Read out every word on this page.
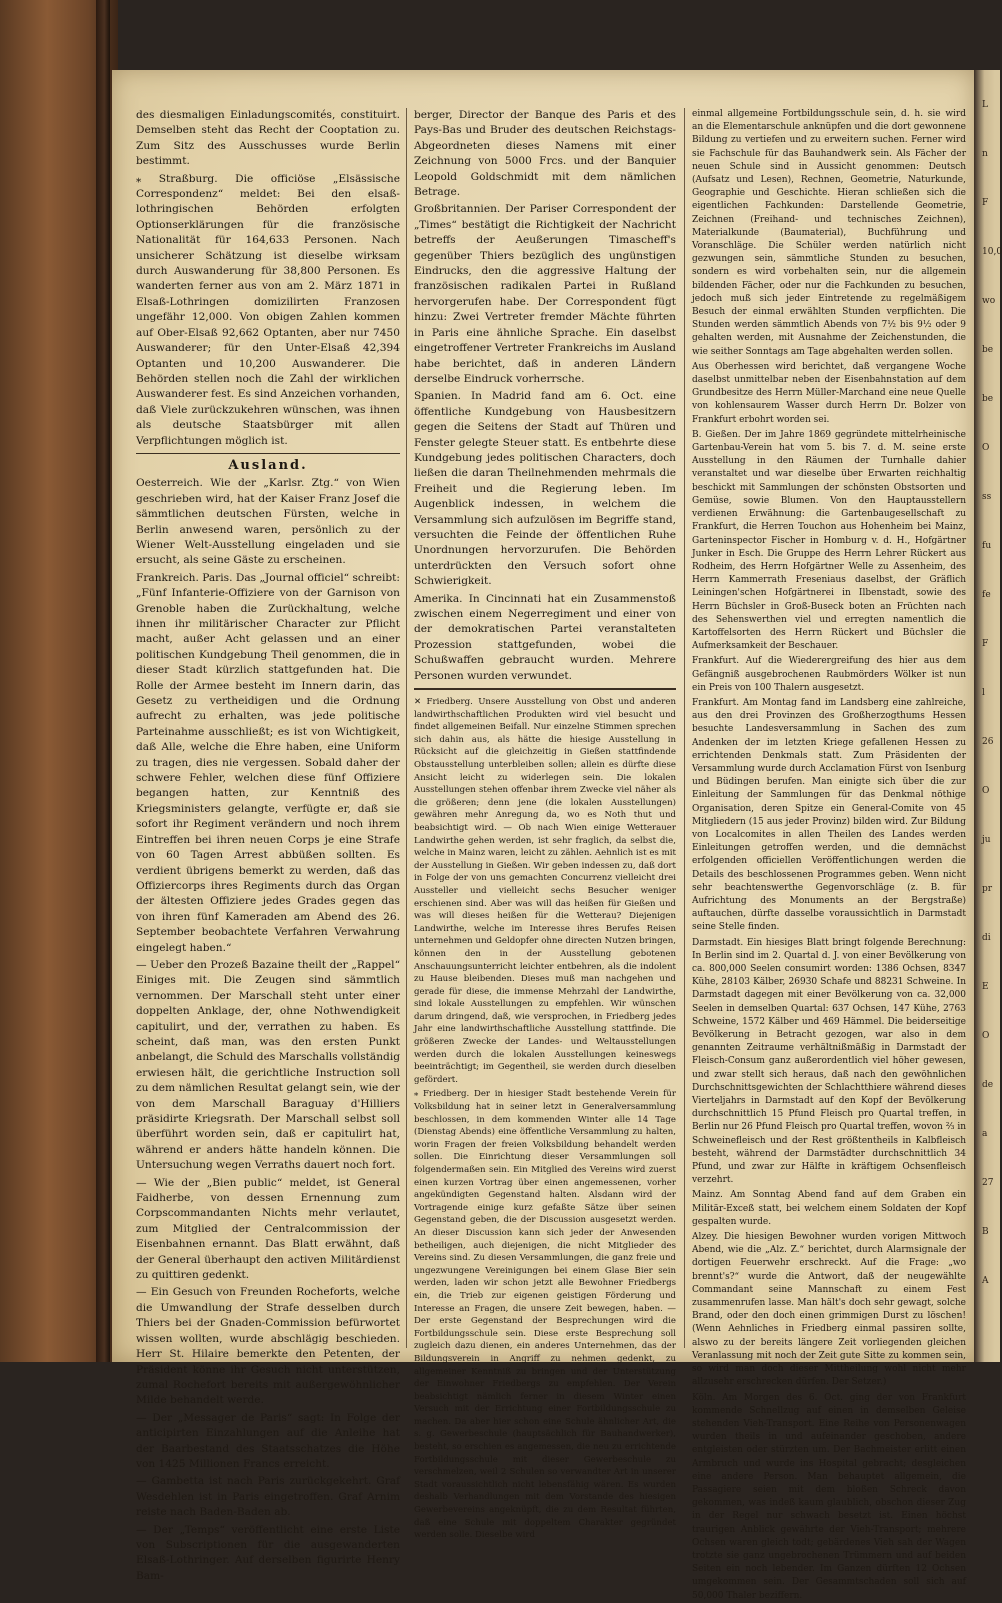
des diesmaligen Einladungscomités, constituirt. Demselben steht das Recht der Cooptation zu. Zum Sitz des Ausschusses wurde Berlin bestimmt.

⁎ Straßburg. Die officiöse „Elsässische Correspondenz“ meldet: Bei den elsaß-lothringischen Behörden erfolgten Optionserklärungen für die französische Nationalität für 164,633 Personen. Nach unsicherer Schätzung ist dieselbe wirksam durch Auswanderung für 38,800 Personen. Es wanderten ferner aus von am 2. März 1871 in Elsaß-Lothringen domizilirten Franzosen ungefähr 12,000. Von obigen Zahlen kommen auf Ober-Elsaß 92,662 Optanten, aber nur 7450 Auswanderer; für den Unter-Elsaß 42,394 Optanten und 10,200 Auswanderer. Die Behörden stellen noch die Zahl der wirklichen Auswanderer fest. Es sind Anzeichen vorhanden, daß Viele zurückzukehren wünschen, was ihnen als deutsche Staatsbürger mit allen Verpflichtungen möglich ist.

Ausland.

Oesterreich. Wie der „Karlsr. Ztg.“ von Wien geschrieben wird, hat der Kaiser Franz Josef die sämmtlichen deutschen Fürsten, welche in Berlin anwesend waren, persönlich zu der Wiener Welt-Ausstellung eingeladen und sie ersucht, als seine Gäste zu erscheinen.

Frankreich. Paris. Das „Journal officiel“ schreibt: „Fünf Infanterie-Offiziere von der Garnison von Grenoble haben die Zurückhaltung, welche ihnen ihr militärischer Character zur Pflicht macht, außer Acht gelassen und an einer politischen Kundgebung Theil genommen, die in dieser Stadt kürzlich stattgefunden hat. Die Rolle der Armee besteht im Innern darin, das Gesetz zu vertheidigen und die Ordnung aufrecht zu erhalten, was jede politische Parteinahme ausschließt; es ist von Wichtigkeit, daß Alle, welche die Ehre haben, eine Uniform zu tragen, dies nie vergessen. Sobald daher der schwere Fehler, welchen diese fünf Offiziere begangen hatten, zur Kenntniß des Kriegsministers gelangte, verfügte er, daß sie sofort ihr Regiment verändern und noch ihrem Eintreffen bei ihren neuen Corps je eine Strafe von 60 Tagen Arrest abbüßen sollten. Es verdient übrigens bemerkt zu werden, daß das Offiziercorps ihres Regiments durch das Organ der ältesten Offiziere jedes Grades gegen das von ihren fünf Kameraden am Abend des 26. September beobachtete Verfahren Verwahrung eingelegt haben.“

— Ueber den Prozeß Bazaine theilt der „Rappel“ Einiges mit. Die Zeugen sind sämmtlich vernommen. Der Marschall steht unter einer doppelten Anklage, der, ohne Nothwendigkeit capitulirt, und der, verrathen zu haben. Es scheint, daß man, was den ersten Punkt anbelangt, die Schuld des Marschalls vollständig erwiesen hält, die gerichtliche Instruction soll zu dem nämlichen Resultat gelangt sein, wie der von dem Marschall Baraguay d'Hilliers präsidirte Kriegsrath. Der Marschall selbst soll überführt worden sein, daß er capitulirt hat, während er anders hätte handeln können. Die Untersuchung wegen Verraths dauert noch fort.

— Wie der „Bien public“ meldet, ist General Faidherbe, von dessen Ernennung zum Corpscommandanten Nichts mehr verlautet, zum Mitglied der Centralcommission der Eisenbahnen ernannt. Das Blatt erwähnt, daß der General überhaupt den activen Militärdienst zu quittiren gedenkt.

— Ein Gesuch von Freunden Rocheforts, welche die Umwandlung der Strafe desselben durch Thiers bei der Gnaden-Commission befürwortet wissen wollten, wurde abschlägig beschieden. Herr St. Hilaire bemerkte den Petenten, der Präsident könne ihr Gesuch nicht unterstützen, zumal Rochefort bereits mit außergewöhnlicher Milde behandelt werde.

— Der „Messager de Paris“ sagt: In Folge der anticipirten Einzahlungen auf die Anleihe hat der Baarbestand des Staatsschatzes die Höhe von 1425 Millionen Francs erreicht.

— Gambetta ist nach Paris zurückgekehrt. Graf Wesdehlen ist in Paris eingetroffen. Graf Arnim reiste nach Baden-Baden ab.

— Der „Temps“ veröffentlicht eine erste Liste von Subscriptionen für die ausgewanderten Elsaß-Lothringer. Auf derselben figurirte Henry Bam-

berger, Director der Banque des Paris et des Pays-Bas und Bruder des deutschen Reichstags-Abgeordneten dieses Namens mit einer Zeichnung von 5000 Frcs. und der Banquier Leopold Goldschmidt mit dem nämlichen Betrage.

Großbritannien. Der Pariser Correspondent der „Times“ bestätigt die Richtigkeit der Nachricht betreffs der Aeußerungen Timascheff's gegenüber Thiers bezüglich des ungünstigen Eindrucks, den die aggressive Haltung der französischen radikalen Partei in Rußland hervorgerufen habe. Der Correspondent fügt hinzu: Zwei Vertreter fremder Mächte führten in Paris eine ähnliche Sprache. Ein daselbst eingetroffener Vertreter Frankreichs im Ausland habe berichtet, daß in anderen Ländern derselbe Eindruck vorherrsche.

Spanien. In Madrid fand am 6. Oct. eine öffentliche Kundgebung von Hausbesitzern gegen die Seitens der Stadt auf Thüren und Fenster gelegte Steuer statt. Es entbehrte diese Kundgebung jedes politischen Characters, doch ließen die daran Theilnehmenden mehrmals die Freiheit und die Regierung leben. Im Augenblick indessen, in welchem die Versammlung sich aufzulösen im Begriffe stand, versuchten die Feinde der öffentlichen Ruhe Unordnungen hervorzurufen. Die Behörden unterdrückten den Versuch sofort ohne Schwierigkeit.

Amerika. In Cincinnati hat ein Zusammenstoß zwischen einem Negerregiment und einer von der demokratischen Partei veranstalteten Prozession stattgefunden, wobei die Schußwaffen gebraucht wurden. Mehrere Personen wurden verwundet.

✕ Friedberg. Unsere Ausstellung von Obst und anderen landwirthschaftlichen Produkten wird viel besucht und findet allgemeinen Beifall. Nur einzelne Stimmen sprechen sich dahin aus, als hätte die hiesige Ausstellung in Rücksicht auf die gleichzeitig in Gießen stattfindende Obstausstellung unterbleiben sollen; allein es dürfte diese Ansicht leicht zu widerlegen sein. Die lokalen Ausstellungen stehen offenbar ihrem Zwecke viel näher als die größeren; denn jene (die lokalen Ausstellungen) gewähren mehr Anregung da, wo es Noth thut und beabsichtigt wird. — Ob nach Wien einige Wetterauer Landwirthe gehen werden, ist sehr fraglich, da selbst die, welche in Mainz waren, leicht zu zählen. Aehnlich ist es mit der Ausstellung in Gießen. Wir geben indessen zu, daß dort in Folge der von uns gemachten Concurrenz vielleicht drei Aussteller und vielleicht sechs Besucher weniger erschienen sind. Aber was will das heißen für Gießen und was will dieses heißen für die Wetterau? Diejenigen Landwirthe, welche im Interesse ihres Berufes Reisen unternehmen und Geldopfer ohne directen Nutzen bringen, können den in der Ausstellung gebotenen Anschauungsunterricht leichter entbehren, als die indolent zu Hause bleibenden. Dieses muß man nachgehen und gerade für diese, die immense Mehrzahl der Landwirthe, sind lokale Ausstellungen zu empfehlen. Wir wünschen darum dringend, daß, wie versprochen, in Friedberg jedes Jahr eine landwirthschaftliche Ausstellung stattfinde. Die größeren Zwecke der Landes- und Weltausstellungen werden durch die lokalen Ausstellungen keineswegs beeinträchtigt; im Gegentheil, sie werden durch dieselben gefördert.

⁎ Friedberg. Der in hiesiger Stadt bestehende Verein für Volksbildung hat in seiner letzt in Generalversammlung beschlossen, in dem kommenden Winter alle 14 Tage (Dienstag Abends) eine öffentliche Versammlung zu halten, worin Fragen der freien Volksbildung behandelt werden sollen. Die Einrichtung dieser Versammlungen soll folgendermaßen sein. Ein Mitglied des Vereins wird zuerst einen kurzen Vortrag über einen angemessenen, vorher angekündigten Gegenstand halten. Alsdann wird der Vortragende einige kurz gefaßte Sätze über seinen Gegenstand geben, die der Discussion ausgesetzt werden. An dieser Discussion kann sich jeder der Anwesenden betheiligen, auch diejenigen, die nicht Mitglieder des Vereins sind. Zu diesen Versammlungen, die ganz freie und ungezwungene Vereinigungen bei einem Glase Bier sein werden, laden wir schon jetzt alle Bewohner Friedbergs ein, die Trieb zur eigenen geistigen Förderung und Interesse an Fragen, die unsere Zeit bewegen, haben. — Der erste Gegenstand der Besprechungen wird die Fortbildungsschule sein. Diese erste Besprechung soll zugleich dazu dienen, ein anderes Unternehmen, das der Bildungsverein in Angriff zu nehmen gedenkt, zu allgemeiner Kenntniß zu bringen und der Unterstützung der Einwohner Friedbergs zu empfehlen. Der Verein beabsichtigt nämlich ferner in diesem Winter einen Versuch mit der Errichtung einer Fortbildungsschule zu machen. Da aber hier schon eine Schule ähnlicher Art, die s. g. Gewerbeschule (hauptsächlich für Bauhandwerker), besteht, so erschien es angemessen, die neu zu errichtende Fortbildungsschule mit dieser Gewerbeschule zu verschmelzen, weil 2 Schulen so verwandter Art in unserer Stadt voraussichtlich nicht lebensfähig wären. Es wurden deshalb Verhandlungen mit dem Vorstande des hiesigen Gewerbevereins angeknüpft, die zu dem Resultat führten, daß eine Schule mit doppeltem Charakter gegründet werden solle. Dieselbe wird

einmal allgemeine Fortbildungsschule sein, d. h. sie wird an die Elementarschule anknüpfen und die dort gewonnene Bildung zu vertiefen und zu erweitern suchen. Ferner wird sie Fachschule für das Bauhandwerk sein. Als Fächer der neuen Schule sind in Aussicht genommen: Deutsch (Aufsatz und Lesen), Rechnen, Geometrie, Naturkunde, Geographie und Geschichte. Hieran schließen sich die eigentlichen Fachkunden: Darstellende Geometrie, Zeichnen (Freihand- und technisches Zeichnen), Materialkunde (Baumaterial), Buchführung und Voranschläge. Die Schüler werden natürlich nicht gezwungen sein, sämmtliche Stunden zu besuchen, sondern es wird vorbehalten sein, nur die allgemein bildenden Fächer, oder nur die Fachkunden zu besuchen, jedoch muß sich jeder Eintretende zu regelmäßigem Besuch der einmal erwählten Stunden verpflichten. Die Stunden werden sämmtlich Abends von 7½ bis 9½ oder 9 gehalten werden, mit Ausnahme der Zeichenstunden, die wie seither Sonntags am Tage abgehalten werden sollen.

Aus Oberhessen wird berichtet, daß vergangene Woche daselbst unmittelbar neben der Eisenbahnstation auf dem Grundbesitze des Herrn Müller-Marchand eine neue Quelle von kohlensaurem Wasser durch Herrn Dr. Bolzer von Frankfurt erbohrt worden sei.

B. Gießen. Der im Jahre 1869 gegründete mittelrheinische Gartenbau-Verein hat vom 5. bis 7. d. M. seine erste Ausstellung in den Räumen der Turnhalle dahier veranstaltet und war dieselbe über Erwarten reichhaltig beschickt mit Sammlungen der schönsten Obstsorten und Gemüse, sowie Blumen. Von den Hauptausstellern verdienen Erwähnung: die Gartenbaugesellschaft zu Frankfurt, die Herren Touchon aus Hohenheim bei Mainz, Garteninspector Fischer in Homburg v. d. H., Hofgärtner Junker in Esch. Die Gruppe des Herrn Lehrer Rückert aus Rodheim, des Herrn Hofgärtner Welle zu Assenheim, des Herrn Kammerrath Freseniaus daselbst, der Gräflich Leiningen'schen Hofgärtnerei in Ilbenstadt, sowie des Herrn Büchsler in Groß-Buseck boten an Früchten nach des Sehenswerthen viel und erregten namentlich die Kartoffelsorten des Herrn Rückert und Büchsler die Aufmerksamkeit der Beschauer.

Frankfurt. Auf die Wiederergreifung des hier aus dem Gefängniß ausgebrochenen Raubmörders Wölker ist nun ein Preis von 100 Thalern ausgesetzt.

Frankfurt. Am Montag fand im Landsberg eine zahlreiche, aus den drei Provinzen des Großherzogthums Hessen besuchte Landesversammlung in Sachen des zum Andenken der im letzten Kriege gefallenen Hessen zu errichtenden Denkmals statt. Zum Präsidenten der Versammlung wurde durch Acclamation Fürst von Isenburg und Büdingen berufen. Man einigte sich über die zur Einleitung der Sammlungen für das Denkmal nöthige Organisation, deren Spitze ein General-Comite von 45 Mitgliedern (15 aus jeder Provinz) bilden wird. Zur Bildung von Localcomites in allen Theilen des Landes werden Einleitungen getroffen werden, und die demnächst erfolgenden officiellen Veröffentlichungen werden die Details des beschlossenen Programmes geben. Wenn nicht sehr beachtenswerthe Gegenvorschläge (z. B. für Aufrichtung des Monuments an der Bergstraße) auftauchen, dürfte dasselbe voraussichtlich in Darmstadt seine Stelle finden.

Darmstadt. Ein hiesiges Blatt bringt folgende Berechnung: In Berlin sind im 2. Quartal d. J. von einer Bevölkerung von ca. 800,000 Seelen consumirt worden: 1386 Ochsen, 8347 Kühe, 28103 Kälber, 26930 Schafe und 88231 Schweine. In Darmstadt dagegen mit einer Bevölkerung von ca. 32,000 Seelen in demselben Quartal: 637 Ochsen, 147 Kühe, 2763 Schweine, 1572 Kälber und 469 Hämmel. Die beiderseitige Bevölkerung in Betracht gezogen, war also in dem genannten Zeitraume verhältnißmäßig in Darmstadt der Fleisch-Consum ganz außerordentlich viel höher gewesen, und zwar stellt sich heraus, daß nach den gewöhnlichen Durchschnittsgewichten der Schlachtthiere während dieses Vierteljahrs in Darmstadt auf den Kopf der Bevölkerung durchschnittlich 15 Pfund Fleisch pro Quartal treffen, in Berlin nur 26 Pfund Fleisch pro Quartal treffen, wovon ⅔ in Schweinefleisch und der Rest größtentheils in Kalbfleisch besteht, während der Darmstädter durchschnittlich 34 Pfund, und zwar zur Hälfte in kräftigem Ochsenfleisch verzehrt.

Mainz. Am Sonntag Abend fand auf dem Graben ein Militär-Exceß statt, bei welchem einem Soldaten der Kopf gespalten wurde.

Alzey. Die hiesigen Bewohner wurden vorigen Mittwoch Abend, wie die „Alz. Z.“ berichtet, durch Alarmsignale der dortigen Feuerwehr erschreckt. Auf die Frage: „wo brennt's?“ wurde die Antwort, daß der neugewählte Commandant seine Mannschaft zu einem Fest zusammenrufen lasse. Man hält's doch sehr gewagt, solche Brand, oder den doch einen grimmigen Durst zu löschen! (Wenn Aehnliches in Friedberg einmal passiren sollte, alswo zu der bereits längere Zeit vorliegenden gleichen Veranlassung mit noch der Zeit gute Sitte zu kommen sein, so wird man doch dieser Mittheilung wohl nicht mehr allzusehr erschrecken dürfen. Der Setzer.)

Köln. Am Morgen des 6. Oct. ging der von Frankfurt kommende Schnellzug auf einen in demselben Geleise stehenden Vieh-Transport. Eine Reihe von Personenwagen wurden theils in und aufeinander geschoben, andere entgleisten oder stürzten um. Der Bachmeister erlitt einen Armbruch und wurde ins Hospital gebracht; desgleichen eine andere Person. Man behauptet allgemein, die Passagiere seien mit dem bloßen Schreck davon gekommen, was indeß kaum glaublich, obschon dieser Zug in der Regel nur schwach besetzt ist. Einen höchst traurigen Anblick gewährte der Vieh-Transport; mehrere Ochsen waren gleich todt; gebärdenes Vieh sah der Wagen trotzte sie ganz ungebrochenen Trümmern und auf beiden Seiten ein noch lebender. Im Ganzen dürften 12 Ochsen umgekommen sein. Der Gesammtschaden soll sich auf 50,000 Thaler beziffern.

L
n
F
10,0
wo
be
be
O
ss
fu
fe
F
l
26
O
ju
pr
di
E
O
de
a
27
B
A
